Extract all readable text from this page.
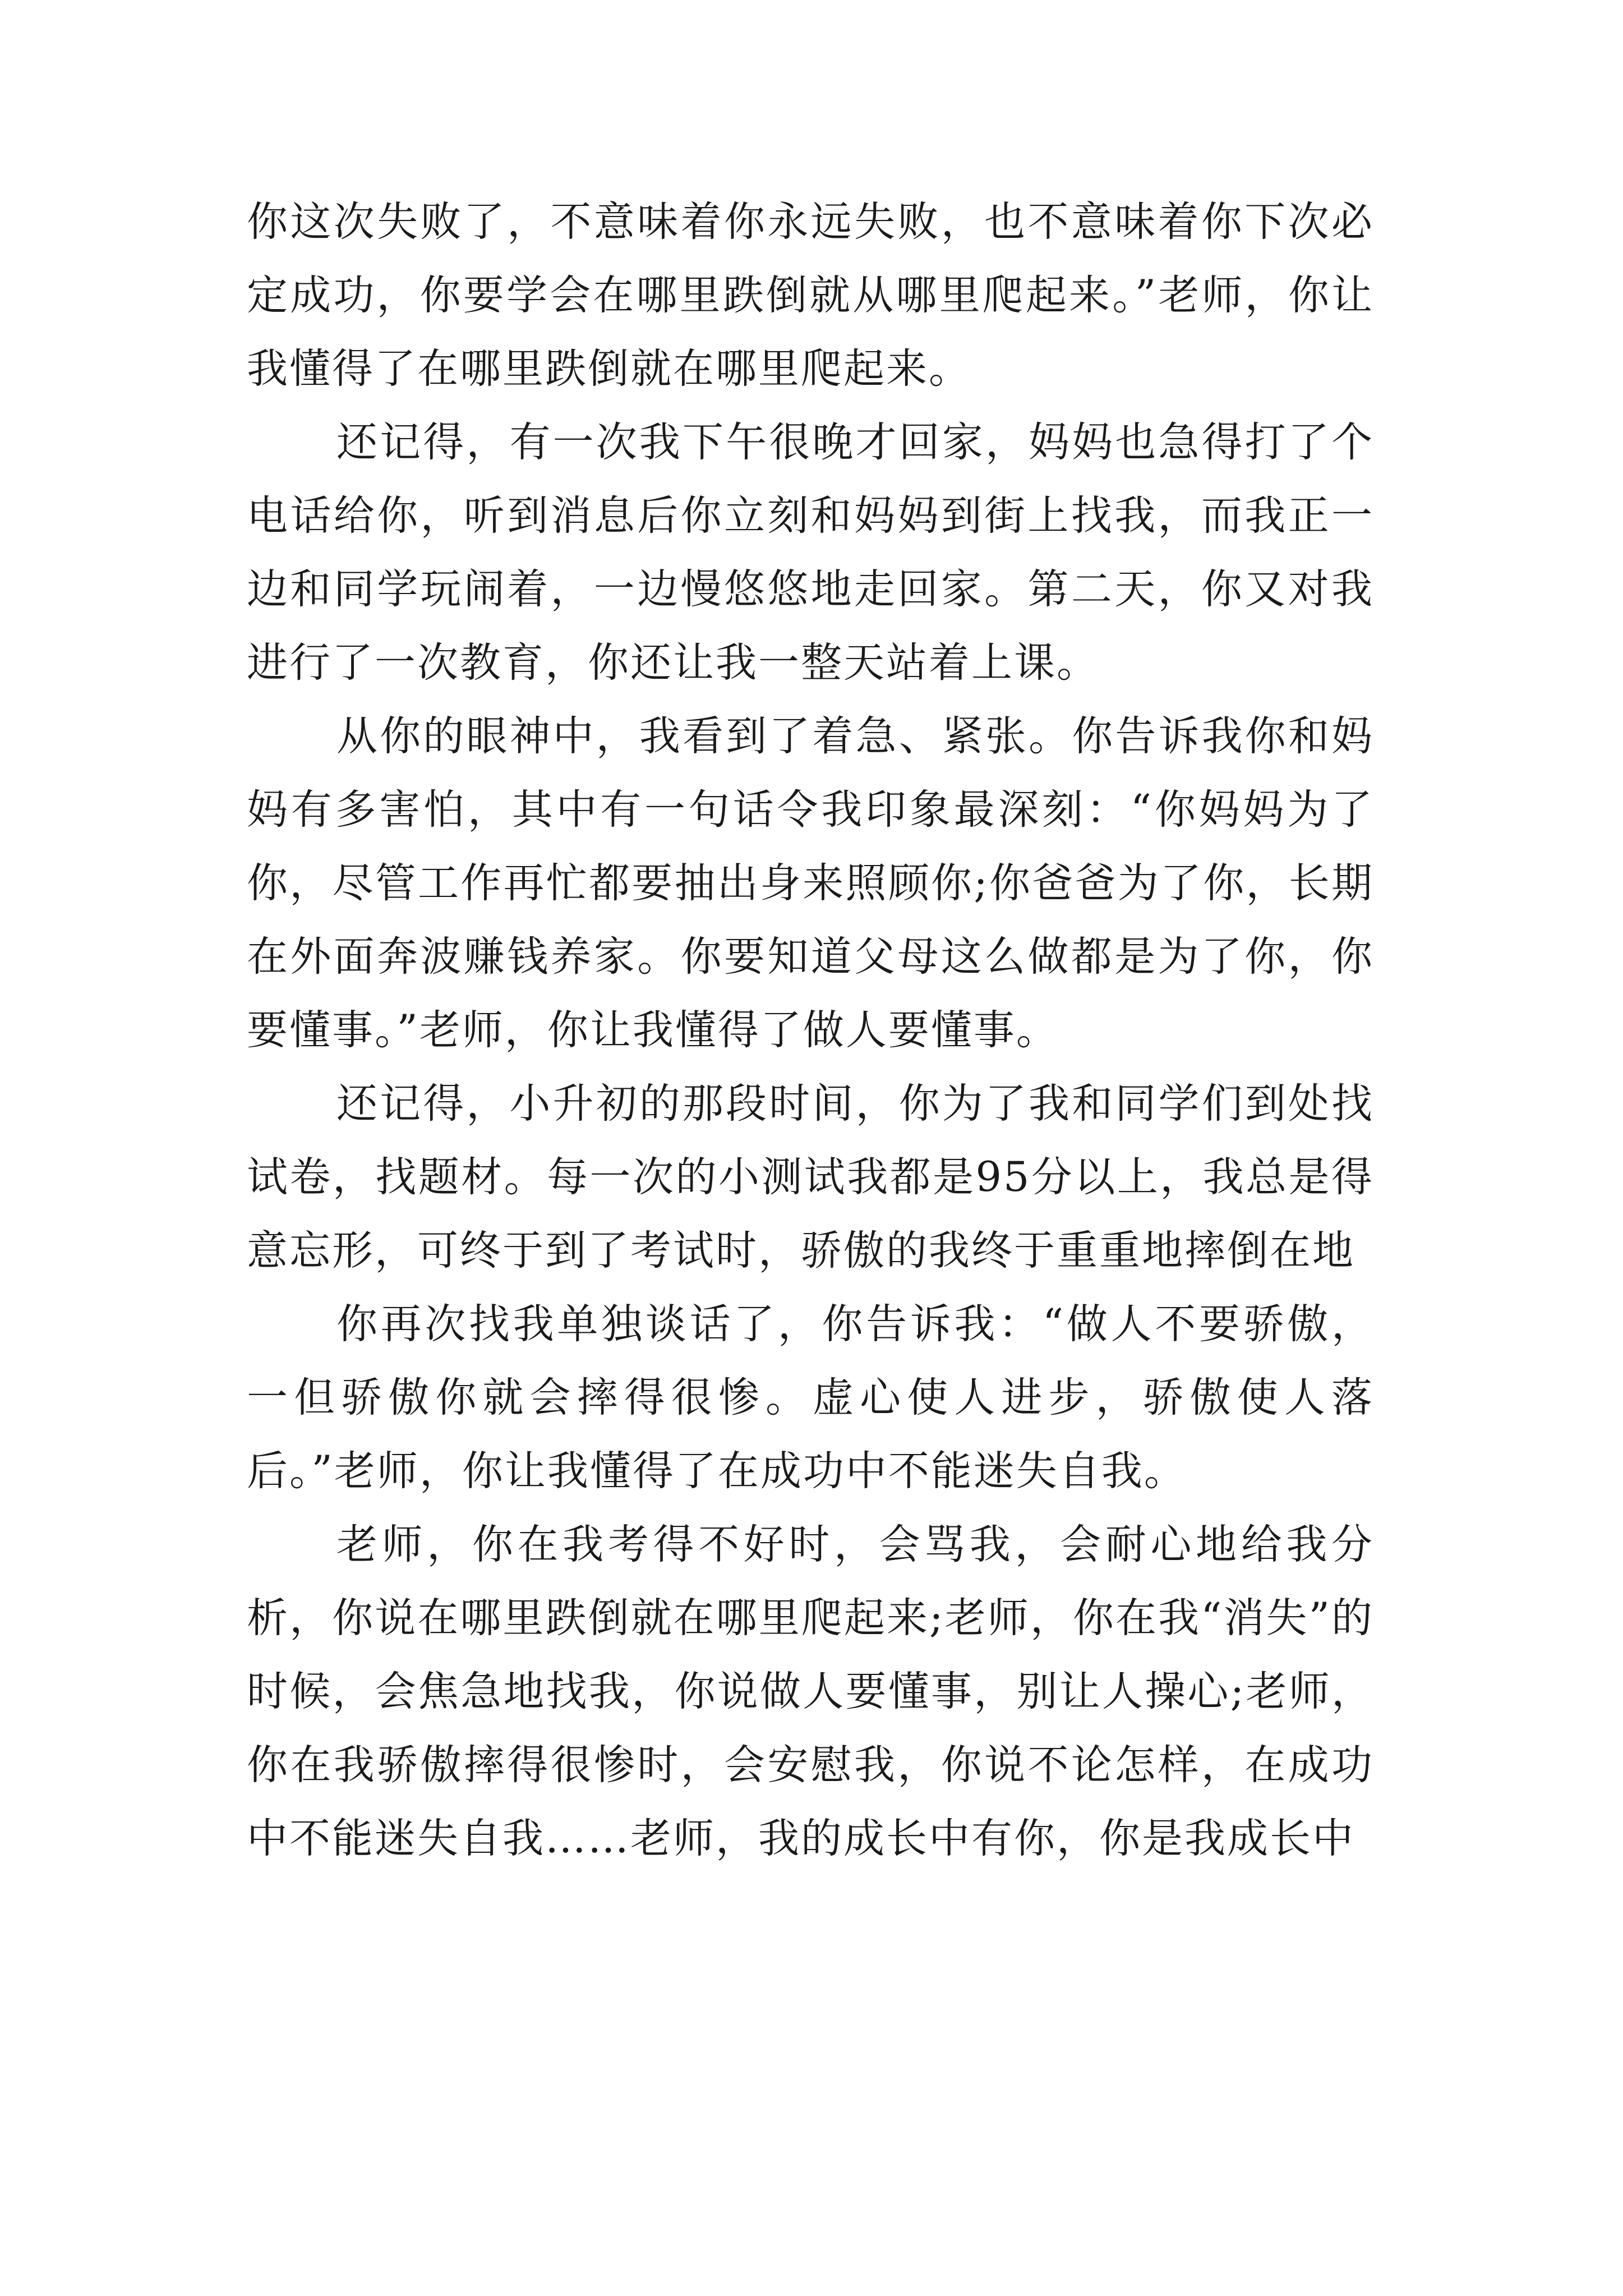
你这次失败了，不意味着你永远失败，也不意味着你下次必定成功，你要学会在哪里跌倒就从哪里爬起来。”老师，你让我懂得了在哪里跌倒就在哪里爬起来。

还记得，有一次我下午很晚才回家，妈妈也急得打了个电话给你，听到消息后你立刻和妈妈到街上找我，而我正一边和同学玩闹着，一边慢悠悠地走回家。第二天，你又对我进行了一次教育，你还让我一整天站着上课。

从你的眼神中，我看到了着急、紧张。你告诉我你和妈妈有多害怕，其中有一句话令我印象最深刻：“你妈妈为了你，尽管工作再忙都要抽出身来照顾你;你爸爸为了你，长期在外面奔波赚钱养家。你要知道父母这么做都是为了你，你要懂事。”老师，你让我懂得了做人要懂事。

还记得，小升初的那段时间，你为了我和同学们到处找试卷，找题材。每一次的小测试我都是95分以上，我总是得意忘形，可终于到了考试时，骄傲的我终于重重地摔倒在地

你再次找我单独谈话了，你告诉我：“做人不要骄傲，一但骄傲你就会摔得很惨。虚心使人进步，骄傲使人落后。”老师，你让我懂得了在成功中不能迷失自我。

老师，你在我考得不好时，会骂我，会耐心地给我分析，你说在哪里跌倒就在哪里爬起来;老师，你在我“消失”的时候，会焦急地找我，你说做人要懂事，别让人操心;老师，你在我骄傲摔得很惨时，会安慰我，你说不论怎样，在成功中不能迷失自我……老师，我的成长中有你，你是我成长中
